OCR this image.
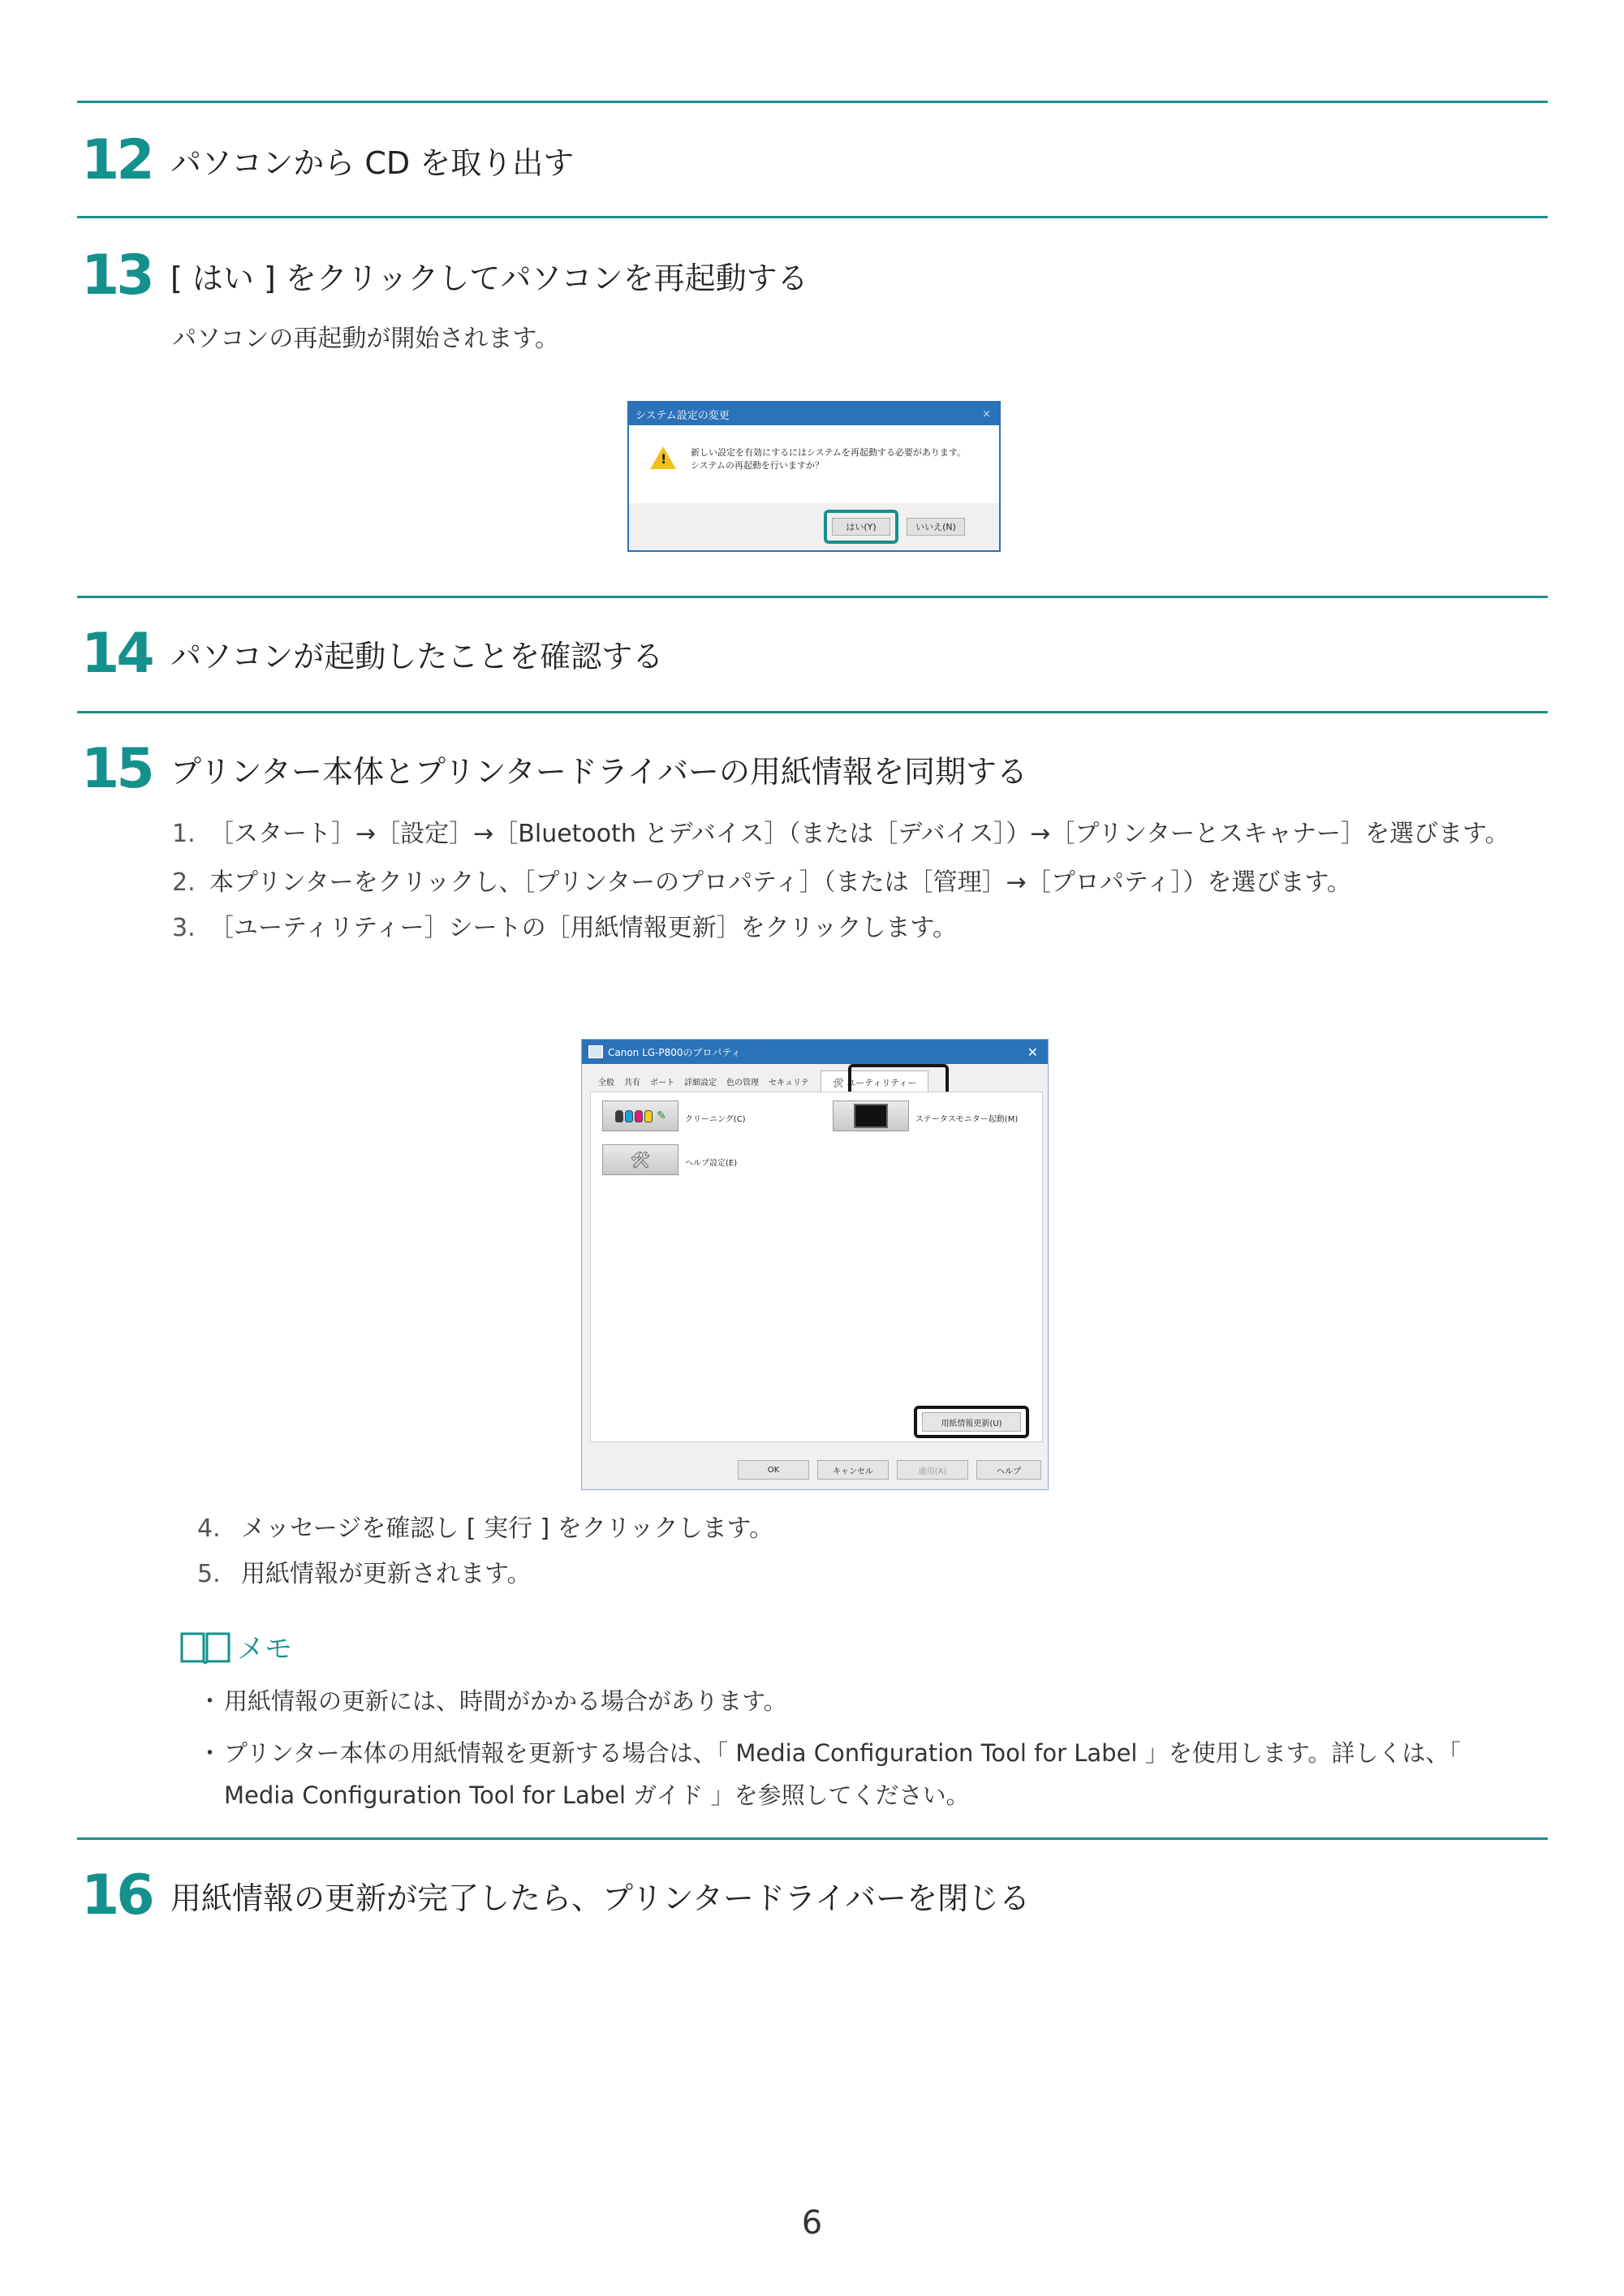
12 パソコンから CD を取り出す
13 [ はい ] をクリックしてパソコンを再起動する
パソコンの再起動が開始されます。
システム設定の変更	×
!
新しい設定を有効にするにはシステムを再起動する必要があります。
システムの再起動を行いますか？
はい(Y)	いいえ(N)
14 パソコンが起動したことを確認する
15 プリンター本体とプリンタードライバーの用紙情報を同期する
1. ［スタート］→［設定］→［Bluetooth とデバイス］（または［デバイス］）→［プリンターとスキャナー］を選びます。
2. 本プリンターをクリックし、［プリンターのプロパティ］（または［管理］→［プロパティ］）を選びます。
3. ［ユーティリティー］シートの［用紙情報更新］をクリックします。
Canon LG-P800のプロパティ	✕
全般	共有	ポート	詳細設定	色の管理	セキュリテ	🛠 ユーティリティー
✎ クリーニング(C)	ステータスモニター起動(M)
🛠	ヘルプ設定(E)
用紙情報更新(U)
OK	キャンセル	適用(A)	ヘルプ
4. メッセージを確認し [ 実行 ] をクリックします。
5. 用紙情報が更新されます。
メモ
・ 用紙情報の更新には、時間がかかる場合があります。
・ プリンター本体の用紙情報を更新する場合は、「 Media Configuration Tool for Label 」を使用します。詳しくは、「 Media Configuration Tool for Label ガイド 」を参照してください。
16 用紙情報の更新が完了したら、プリンタードライバーを閉じる
6
